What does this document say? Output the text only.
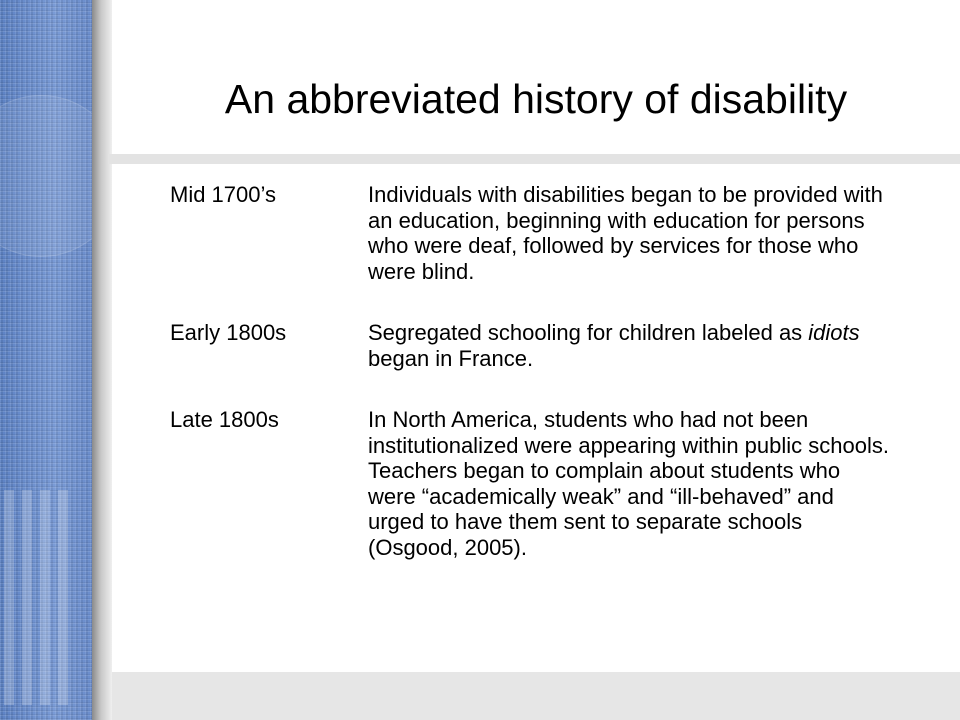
An abbreviated history of disability
Mid 1700’s	Individuals with disabilities began to be provided with an education, beginning with education for persons who were deaf, followed by services for those who were blind.
Early 1800s	Segregated schooling for children labeled as idiots began in France.
Late 1800s	In North America, students who had not been institutionalized were appearing within public schools. Teachers began to complain about students who were “academically weak” and “ill-behaved” and urged to have them sent to separate schools (Osgood, 2005).
